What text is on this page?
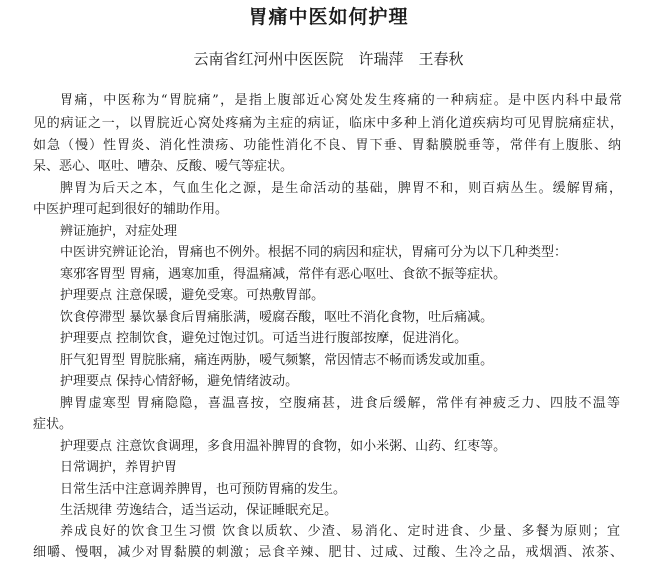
胃痛中医如何护理
云南省红河州中医医院　许瑞萍　王春秋
胃痛，中医称为“胃脘痛”，是指上腹部近心窝处发生疼痛的一种病症。是中医内科中最常
见的病证之一，以胃脘近心窝处疼痛为主症的病证，临床中多种上消化道疾病均可见胃脘痛症状，
如急（慢）性胃炎、消化性溃疡、功能性消化不良、胃下垂、胃黏膜脱垂等，常伴有上腹胀、纳
呆、恶心、呕吐、嘈杂、反酸、嗳气等症状。
脾胃为后天之本，气血生化之源，是生命活动的基础，脾胃不和，则百病丛生。缓解胃痛，
中医护理可起到很好的辅助作用。
辨证施护，对症处理
中医讲究辨证论治，胃痛也不例外。根据不同的病因和症状，胃痛可分为以下几种类型：
寒邪客胃型 胃痛，遇寒加重，得温痛减，常伴有恶心呕吐、食欲不振等症状。
护理要点 注意保暖，避免受寒。可热敷胃部。
饮食停滞型 暴饮暴食后胃痛胀满，嗳腐吞酸，呕吐不消化食物，吐后痛减。
护理要点 控制饮食，避免过饱过饥。可适当进行腹部按摩，促进消化。
肝气犯胃型 胃脘胀痛，痛连两胁，嗳气频繁，常因情志不畅而诱发或加重。
护理要点 保持心情舒畅，避免情绪波动。
脾胃虚寒型 胃痛隐隐，喜温喜按，空腹痛甚，进食后缓解，常伴有神疲乏力、四肢不温等
症状。
护理要点 注意饮食调理，多食用温补脾胃的食物，如小米粥、山药、红枣等。
日常调护，养胃护胃
日常生活中注意调养脾胃，也可预防胃痛的发生。
生活规律 劳逸结合，适当运动，保证睡眠充足。
养成良好的饮食卫生习惯 饮食以质软、少渣、易消化、定时进食、少量、多餐为原则；宜
细嚼、慢咽，减少对胃黏膜的刺激；忌食辛辣、肥甘、过咸、过酸、生冷之品，戒烟酒、浓茶、
